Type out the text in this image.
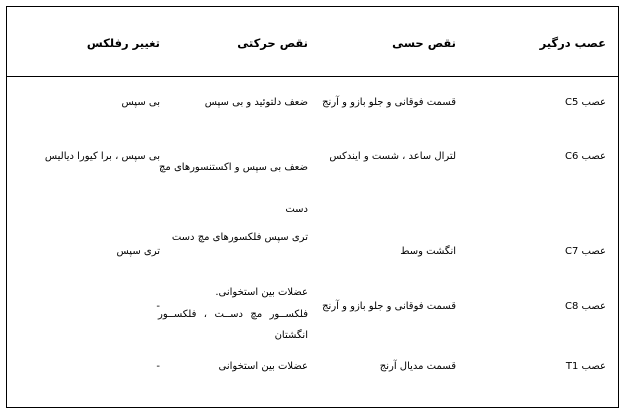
عصب درگیر
نقص حسی
نقص حرکتی
تغییر رفلکس
عصب C5
قسمت فوقانی و جلو بازو و آرنج
ضعف دلتوئید و بی سپس
بی سپس
عصب C6
لترال ساعد ، شست و ایندکس
ضعف بی سپس و اکستنسورهای مچ دست
بی سپس ، برا کیورا دیالیس
عصب C7
انگشت وسط
تری سپس فلکسورهای مچ دست
تری سپس
عصب C8
قسمت فوقانی و جلو بازو و آرنج
عضلات بین استخوانی.
فلکســور مچ دســت ، فلکســور انگشتان
-
عصب T1
قسمت مدیال آرنج
عضلات بین استخوانی
-
